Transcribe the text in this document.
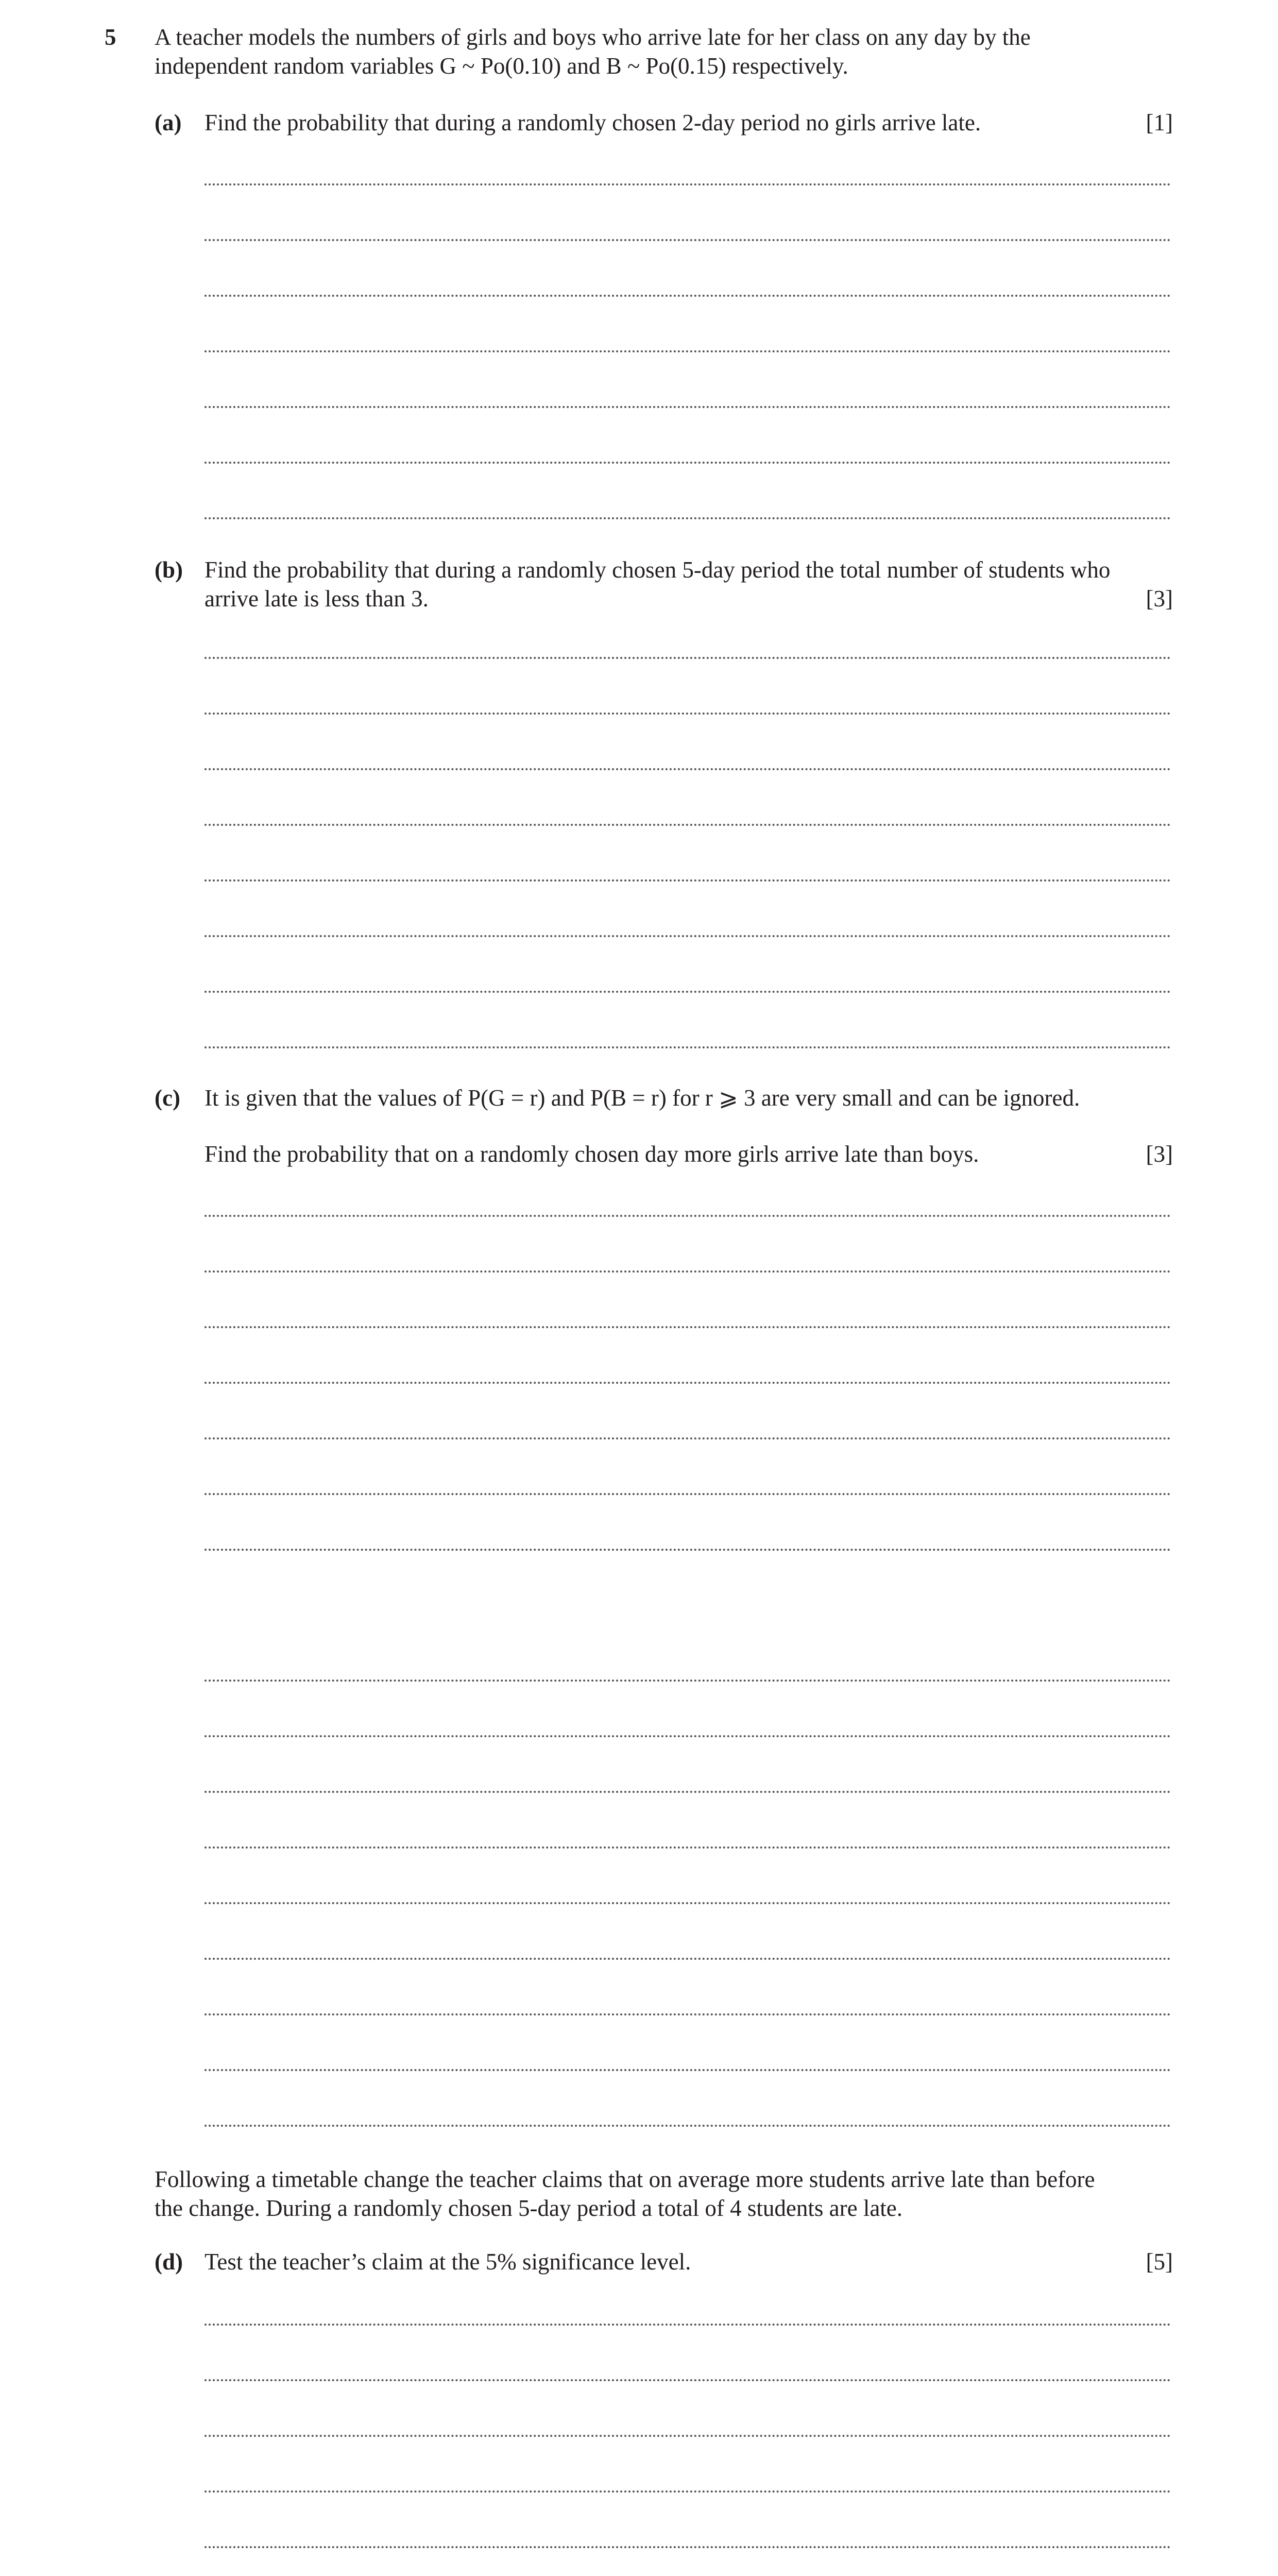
5 A teacher models the numbers of girls and boys who arrive late for her class on any day by the
independent random variables G ~ Po(0.10) and B ~ Po(0.15) respectively.
(a) Find the probability that during a randomly chosen 2-day period no girls arrive late.	[1]
(b) Find the probability that during a randomly chosen 5-day period the total number of students who
arrive late is less than 3.	[3]
(c) It is given that the values of P(G = r) and P(B = r) for r ⩾ 3 are very small and can be ignored.
Find the probability that on a randomly chosen day more girls arrive late than boys.	[3]
Following a timetable change the teacher claims that on average more students arrive late than before
the change. During a randomly chosen 5-day period a total of 4 students are late.
(d) Test the teacher’s claim at the 5% significance level.	[5]
